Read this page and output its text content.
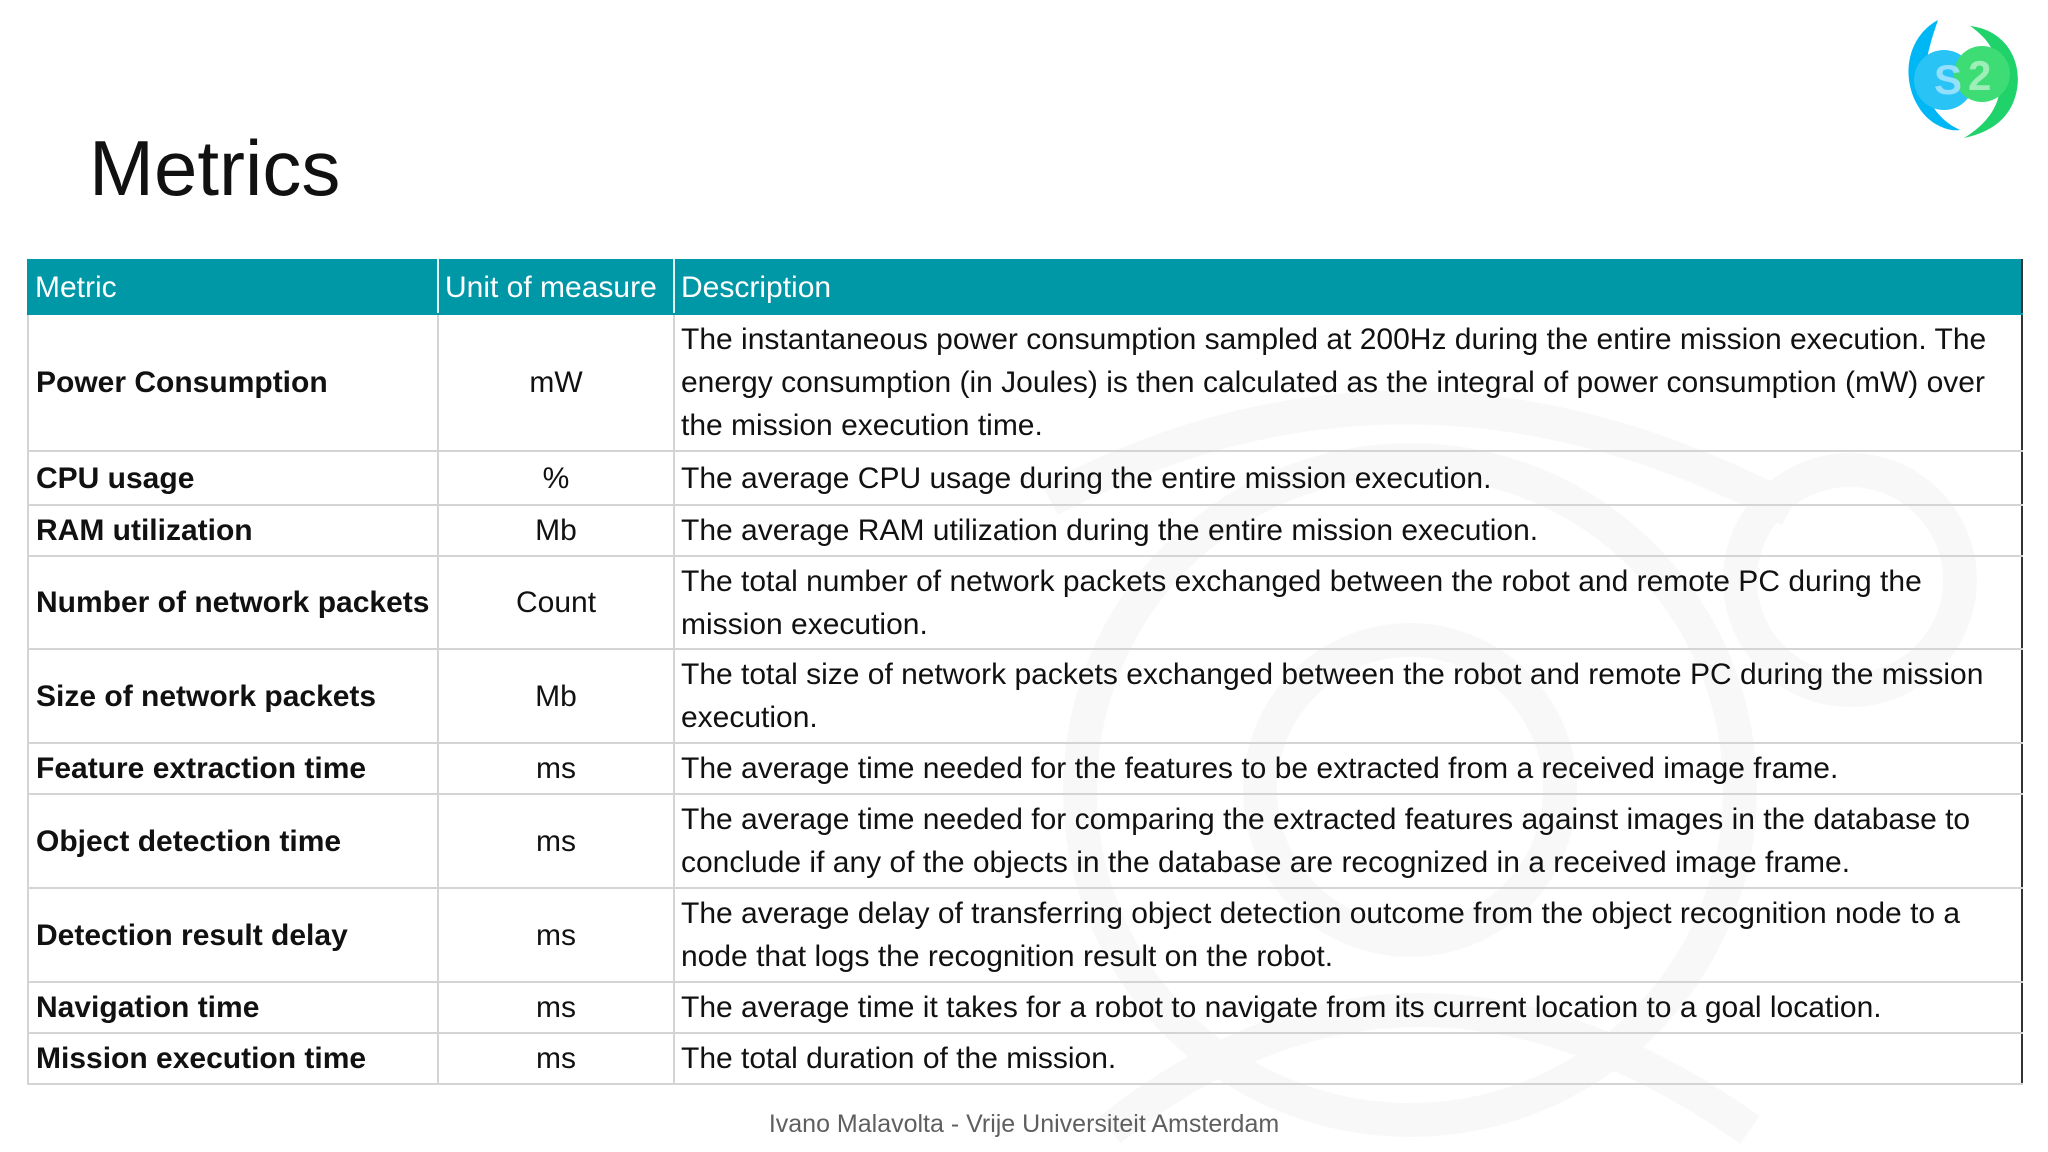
S 2
Metrics
Metric	Unit of measure	Description
Power Consumption	mW	The instantaneous power consumption sampled at 200Hz during the entire mission execution. The energy consumption (in Joules) is then calculated as the integral of power consumption (mW) over the mission execution time.
CPU usage	%	The average CPU usage during the entire mission execution.
RAM utilization	Mb	The average RAM utilization during the entire mission execution.
Number of network packets	Count	The total number of network packets exchanged between the robot and remote PC during the mission execution.
Size of network packets	Mb	The total size of network packets exchanged between the robot and remote PC during the mission execution.
Feature extraction time	ms	The average time needed for the features to be extracted from a received image frame.
Object detection time	ms	The average time needed for comparing the extracted features against images in the database to conclude if any of the objects in the database are recognized in a received image frame.
Detection result delay	ms	The average delay of transferring object detection outcome from the object recognition node to a node that logs the recognition result on the robot.
Navigation time	ms	The average time it takes for a robot to navigate from its current location to a goal location.
Mission execution time	ms	The total duration of the mission.
Ivano Malavolta - Vrije Universiteit Amsterdam
